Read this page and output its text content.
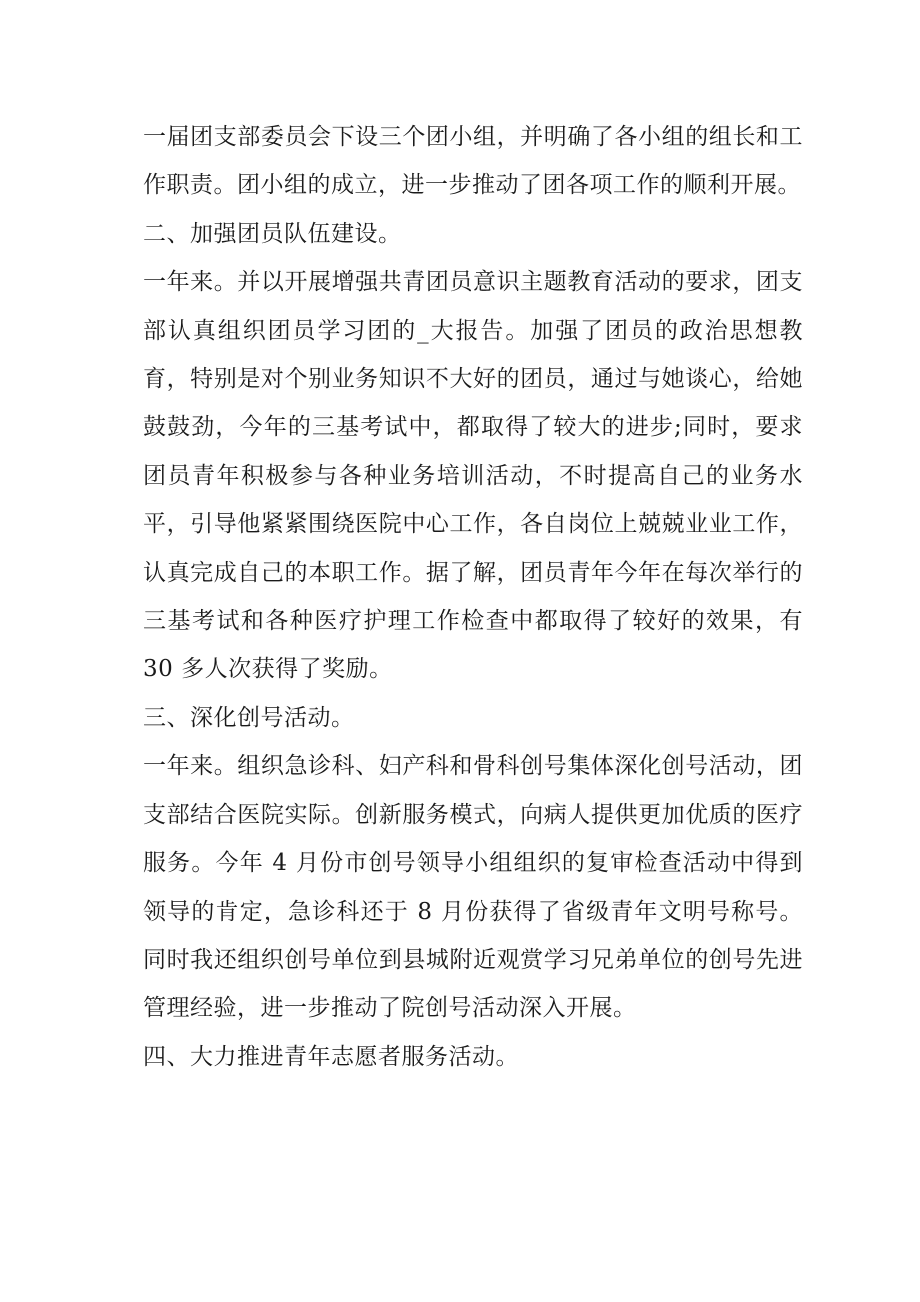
一届团支部委员会下设三个团小组，并明确了各小组的组长和工作职责。团小组的成立，进一步推动了团各项工作的顺利开展。

二、加强团员队伍建设。

一年来。并以开展增强共青团员意识主题教育活动的要求，团支部认真组织团员学习团的_大报告。加强了团员的政治思想教育，特别是对个别业务知识不大好的团员，通过与她谈心，给她鼓鼓劲，今年的三基考试中，都取得了较大的进步;同时，要求团员青年积极参与各种业务培训活动，不时提高自己的业务水平，引导他紧紧围绕医院中心工作，各自岗位上兢兢业业工作，认真完成自己的本职工作。据了解，团员青年今年在每次举行的三基考试和各种医疗护理工作检查中都取得了较好的效果，有 30 多人次获得了奖励。

三、深化创号活动。

一年来。组织急诊科、妇产科和骨科创号集体深化创号活动，团支部结合医院实际。创新服务模式，向病人提供更加优质的医疗服务。今年 4 月份市创号领导小组组织的复审检查活动中得到领导的肯定，急诊科还于 8 月份获得了省级青年文明号称号。同时我还组织创号单位到县城附近观赏学习兄弟单位的创号先进管理经验，进一步推动了院创号活动深入开展。

四、大力推进青年志愿者服务活动。
